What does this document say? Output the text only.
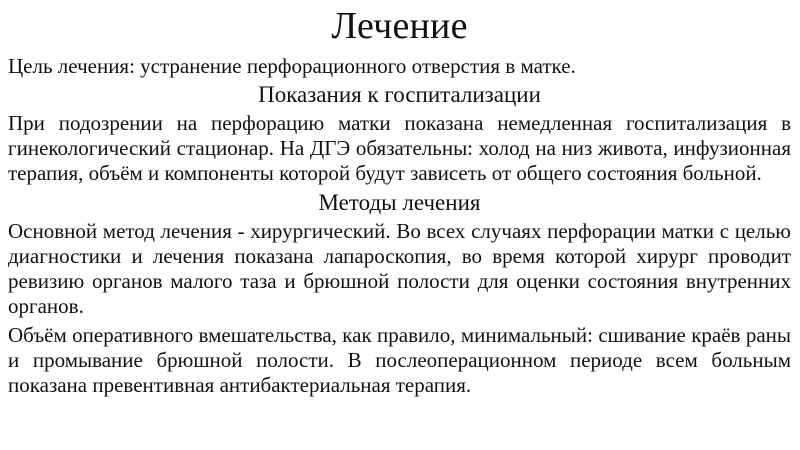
Лечение
Цель лечения: устранение перфорационного отверстия в матке.
Показания к госпитализации
При подозрении на перфорацию матки показана немедленная госпитализация в гинекологический стационар. На ДГЭ обязательны: холод на низ живота, инфузионная терапия, объём и компоненты которой будут зависеть от общего состояния больной.
Методы лечения
Основной метод лечения - хирургический. Во всех случаях перфорации матки с целью диагностики и лечения показана лапароскопия, во время которой хирург проводит ревизию органов малого таза и брюшной полости для оценки состояния внутренних органов.
Объём оперативного вмешательства, как правило, минимальный: сшивание краёв раны и промывание брюшной полости. В послеоперационном периоде всем больным показана превентивная антибактериальная терапия.
